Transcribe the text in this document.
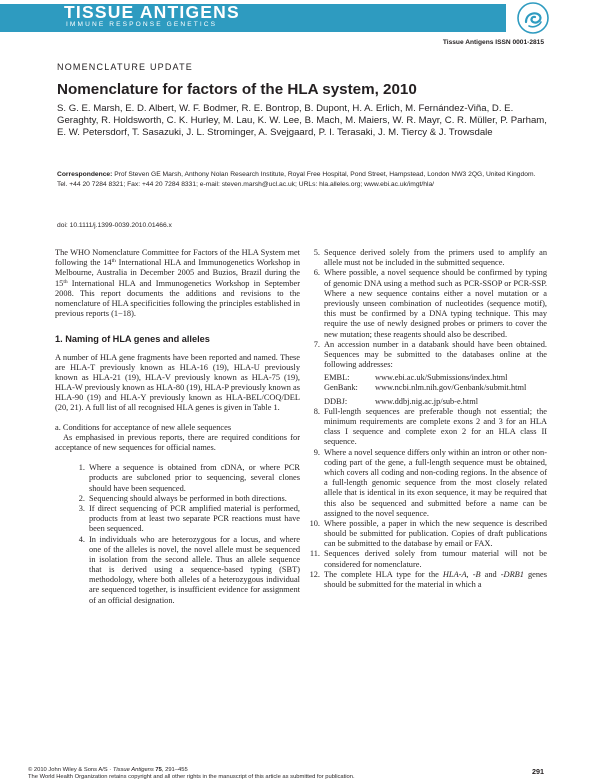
TISSUE ANTIGENS
IMMUNE RESPONSE GENETICS
Tissue Antigens ISSN 0001-2815
NOMENCLATURE UPDATE
Nomenclature for factors of the HLA system, 2010
S. G. E. Marsh, E. D. Albert, W. F. Bodmer, R. E. Bontrop, B. Dupont, H. A. Erlich, M. Fernández-Viña, D. E. Geraghty, R. Holdsworth, C. K. Hurley, M. Lau, K. W. Lee, B. Mach, M. Maiers, W. R. Mayr, C. R. Müller, P. Parham, E. W. Petersdorf, T. Sasazuki, J. L. Strominger, A. Svejgaard, P. I. Terasaki, J. M. Tiercy & J. Trowsdale
Correspondence: Prof Steven GE Marsh, Anthony Nolan Research Institute, Royal Free Hospital, Pond Street, Hampstead, London NW3 2QG, United Kingdom. Tel. +44 20 7284 8321; Fax: +44 20 7284 8331; e-mail: steven.marsh@ucl.ac.uk; URLs: hla.alleles.org; www.ebi.ac.uk/imgt/hla/
doi: 10.1111/j.1399-0039.2010.01466.x

The WHO Nomenclature Committee for Factors of the HLA System met following the 14th International HLA and Immunogenetics Workshop in Melbourne, Australia in December 2005 and Buzios, Brazil during the 15th International HLA and Immunogenetics Workshop in September 2008. This report documents the additions and revisions to the nomenclature of HLA specificities following the principles established in previous reports (1−18).

1. Naming of HLA genes and alleles

A number of HLA gene fragments have been reported and named. These are HLA-T previously known as HLA-16 (19), HLA-U previously known as HLA-21 (19), HLA-V previously known as HLA-75 (19), HLA-W previously known as HLA-80 (19), HLA-P previously known as HLA-90 (19) and HLA-Y previously known as HLA-BEL/COQ/DEL (20, 21). A full list of all recognised HLA genes is given in Table 1.

a. Conditions for acceptance of new allele sequences

As emphasised in previous reports, there are required conditions for acceptance of new sequences for official names.

1. Where a sequence is obtained from cDNA, or where PCR products are subcloned prior to sequencing, several clones should have been sequenced.
2. Sequencing should always be performed in both directions.
3. If direct sequencing of PCR amplified material is performed, products from at least two separate PCR reactions must have been sequenced.
4. In individuals who are heterozygous for a locus, and where one of the alleles is novel, the novel allele must be sequenced in isolation from the second allele. Thus an allele sequence that is derived using a sequence-based typing (SBT) methodology, where both alleles of a heterozygous individual are sequenced together, is insufficient evidence for assignment of an official designation.
5. Sequence derived solely from the primers used to amplify an allele must not be included in the submitted sequence.
6. Where possible, a novel sequence should be confirmed by typing of genomic DNA using a method such as PCR-SSOP or PCR-SSP. Where a new sequence contains either a novel mutation or a previously unseen combination of nucleotides (sequence motif), this must be confirmed by a DNA typing technique. This may require the use of newly designed probes or primers to cover the new mutation; these reagents should also be described.
7. An accession number in a databank should have been obtained. Sequences may be submitted to the databases online at the following addresses:
EMBL:	www.ebi.ac.uk/Submissions/index.html
GenBank:	www.ncbi.nlm.nih.gov/Genbank/submit.html
DDBJ:	www.ddbj.nig.ac.jp/sub-e.html
8. Full-length sequences are preferable though not essential; the minimum requirements are complete exons 2 and 3 for an HLA class I sequence and complete exon 2 for an HLA class II sequence.
9. Where a novel sequence differs only within an intron or other non-coding part of the gene, a full-length sequence must be obtained, which covers all coding and non-coding regions. In the absence of a full-length genomic sequence from the most closely related allele that is identical in its exon sequence, it may be required that this also be sequenced and submitted before a name can be assigned to the novel sequence.
10. Where possible, a paper in which the new sequence is described should be submitted for publication. Copies of draft publications can be submitted to the database by email or FAX.
11. Sequences derived solely from tumour material will not be considered for nomenclature.
12. The complete HLA type for the HLA-A, -B and -DRB1 genes should be submitted for the material in which a
© 2010 John Wiley & Sons A/S · Tissue Antigens 75, 291–455
The World Health Organization retains copyright and all other rights in the manuscript of this article as submitted for publication.
291
